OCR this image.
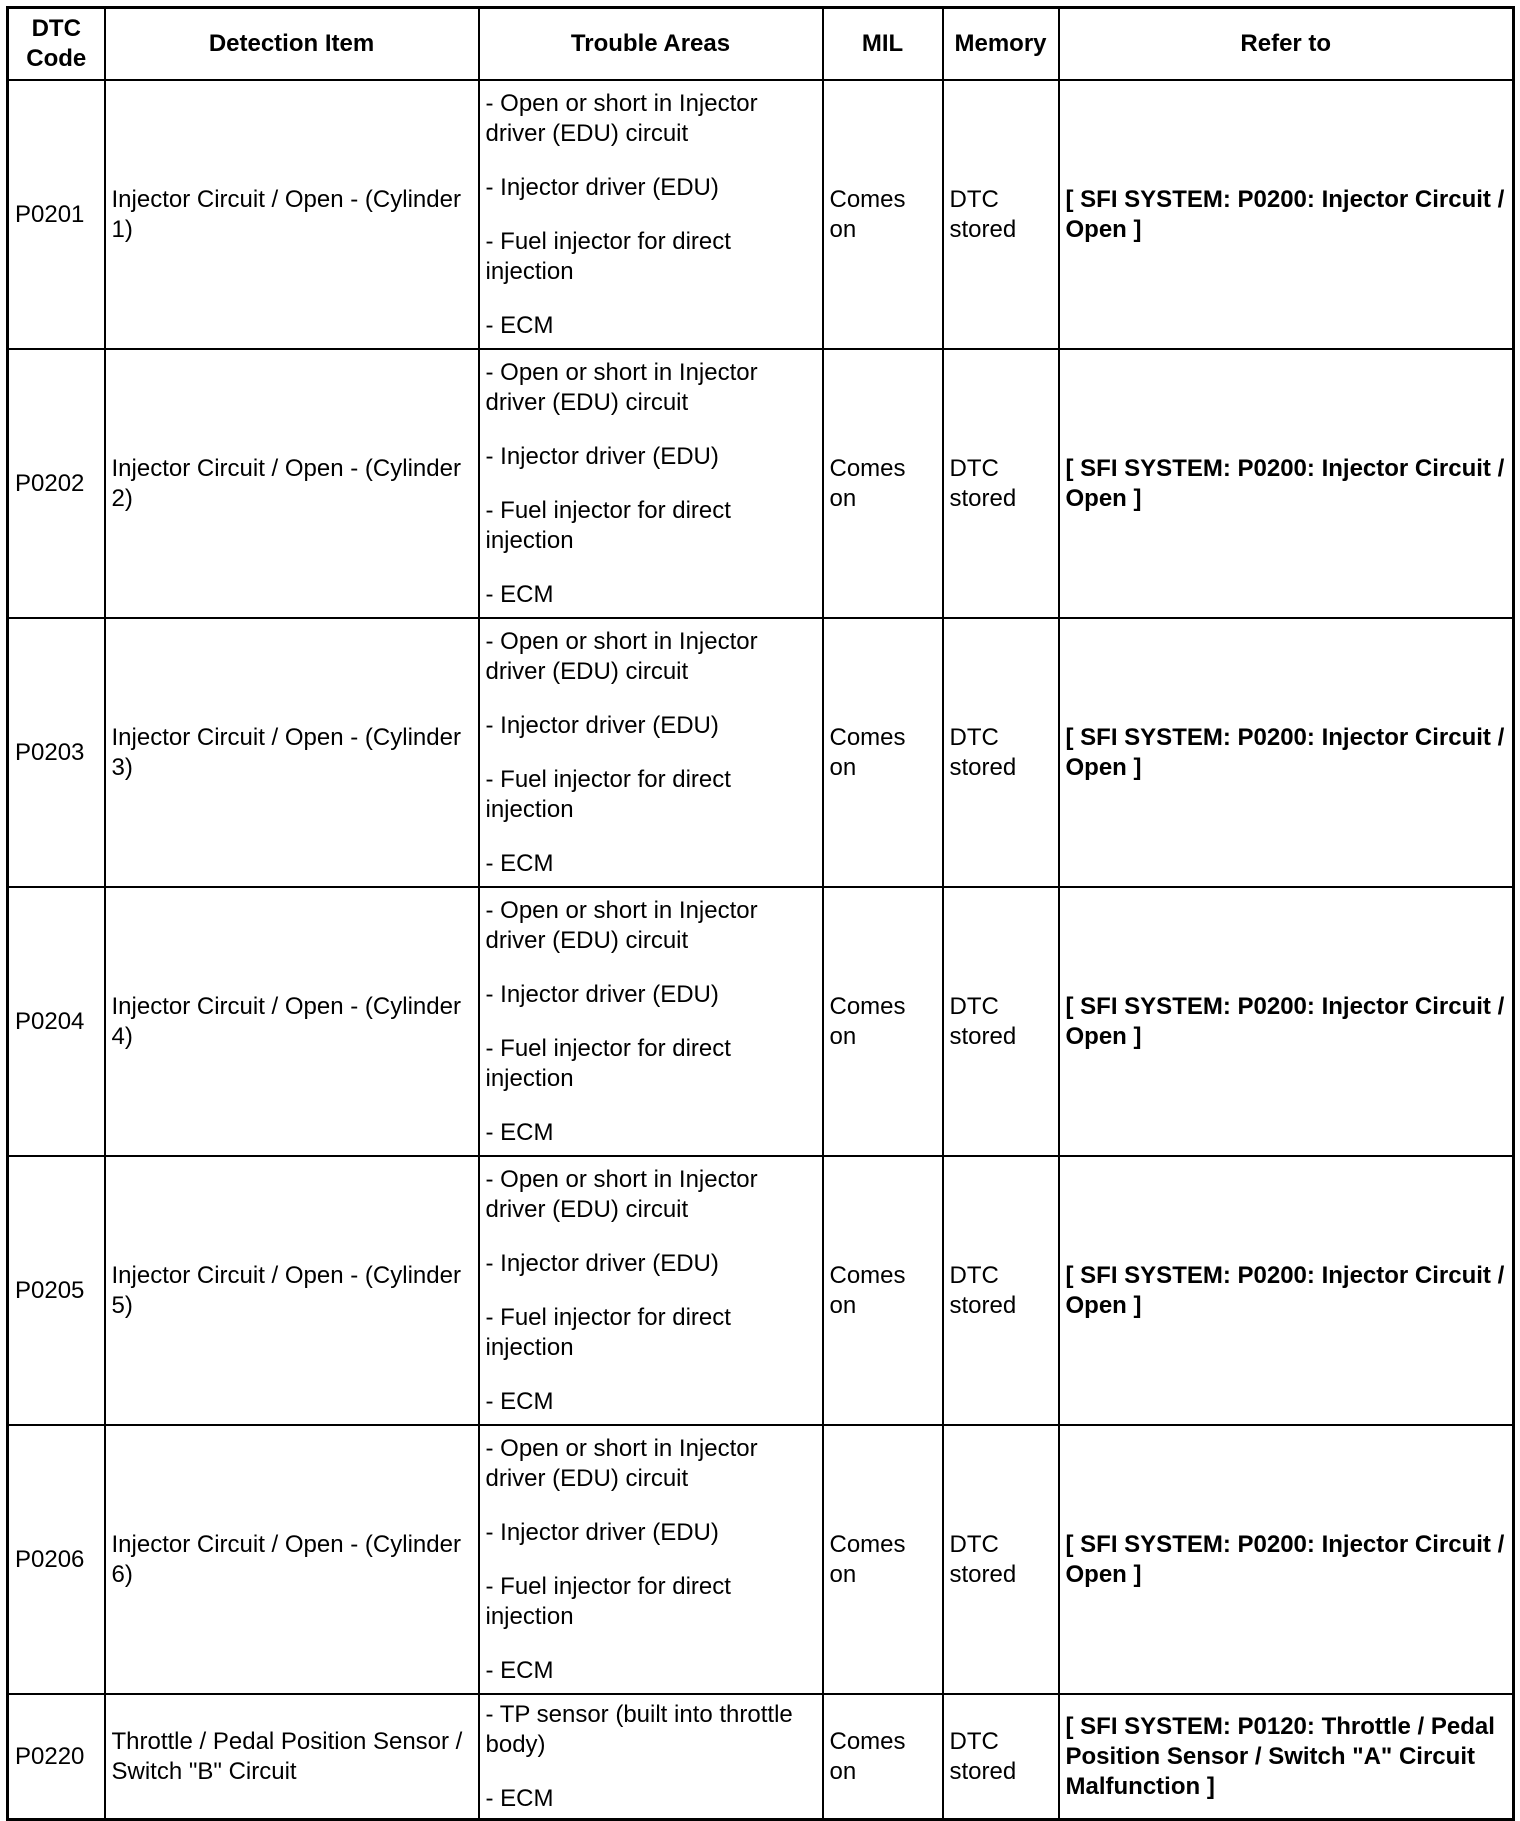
DTC Code	Detection Item	Trouble Areas	MIL	Memory	Refer to
P0201	Injector Circuit / Open - (Cylinder 1)	- Open or short in Injector driver (EDU) circuit
- Injector driver (EDU)
- Fuel injector for direct injection
- ECM	Comes on	DTC stored	[ SFI SYSTEM: P0200: Injector Circuit / Open ]
P0202	Injector Circuit / Open - (Cylinder 2)	- Open or short in Injector driver (EDU) circuit
- Injector driver (EDU)
- Fuel injector for direct injection
- ECM	Comes on	DTC stored	[ SFI SYSTEM: P0200: Injector Circuit / Open ]
P0203	Injector Circuit / Open - (Cylinder 3)	- Open or short in Injector driver (EDU) circuit
- Injector driver (EDU)
- Fuel injector for direct injection
- ECM	Comes on	DTC stored	[ SFI SYSTEM: P0200: Injector Circuit / Open ]
P0204	Injector Circuit / Open - (Cylinder 4)	- Open or short in Injector driver (EDU) circuit
- Injector driver (EDU)
- Fuel injector for direct injection
- ECM	Comes on	DTC stored	[ SFI SYSTEM: P0200: Injector Circuit / Open ]
P0205	Injector Circuit / Open - (Cylinder 5)	- Open or short in Injector driver (EDU) circuit
- Injector driver (EDU)
- Fuel injector for direct injection
- ECM	Comes on	DTC stored	[ SFI SYSTEM: P0200: Injector Circuit / Open ]
P0206	Injector Circuit / Open - (Cylinder 6)	- Open or short in Injector driver (EDU) circuit
- Injector driver (EDU)
- Fuel injector for direct injection
- ECM	Comes on	DTC stored	[ SFI SYSTEM: P0200: Injector Circuit / Open ]
P0220	Throttle / Pedal Position Sensor / Switch "B" Circuit	- TP sensor (built into throttle body)
- ECM	Comes on	DTC stored	[ SFI SYSTEM: P0120: Throttle / Pedal Position Sensor / Switch "A" Circuit Malfunction ]
